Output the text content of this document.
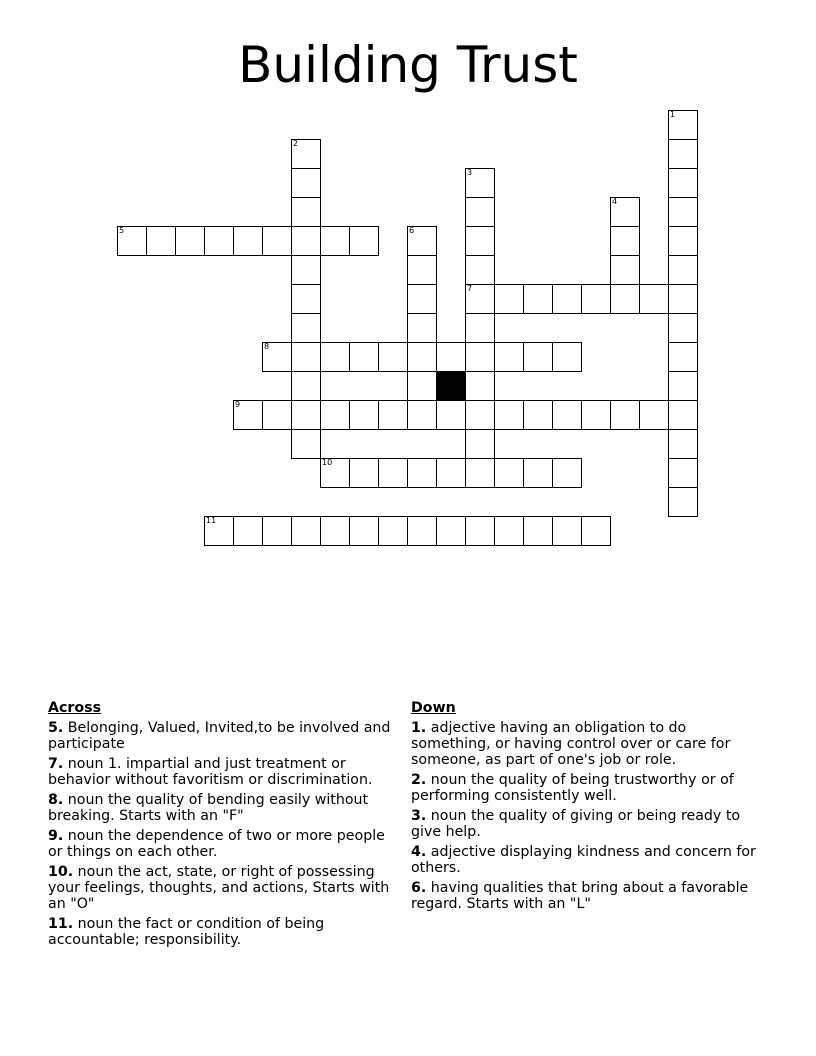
Building Trust
1
2
3
4
5	6
7
8
9
10
11
Across
5. Belonging, Valued, Invited,to be involved and participate
7. noun 1. impartial and just treatment or behavior without favoritism or discrimination.
8. noun the quality of bending easily without breaking. Starts with an "F"
9. noun the dependence of two or more people or things on each other.
10. noun the act, state, or right of possessing your feelings, thoughts, and actions, Starts with an "O"
11. noun the fact or condition of being accountable; responsibility.
Down
1. adjective having an obligation to do something, or having control over or care for someone, as part of one's job or role.
2. noun the quality of being trustworthy or of performing consistently well.
3. noun the quality of giving or being ready to give help.
4. adjective displaying kindness and concern for others.
6. having qualities that bring about a favorable regard. Starts with an "L"
